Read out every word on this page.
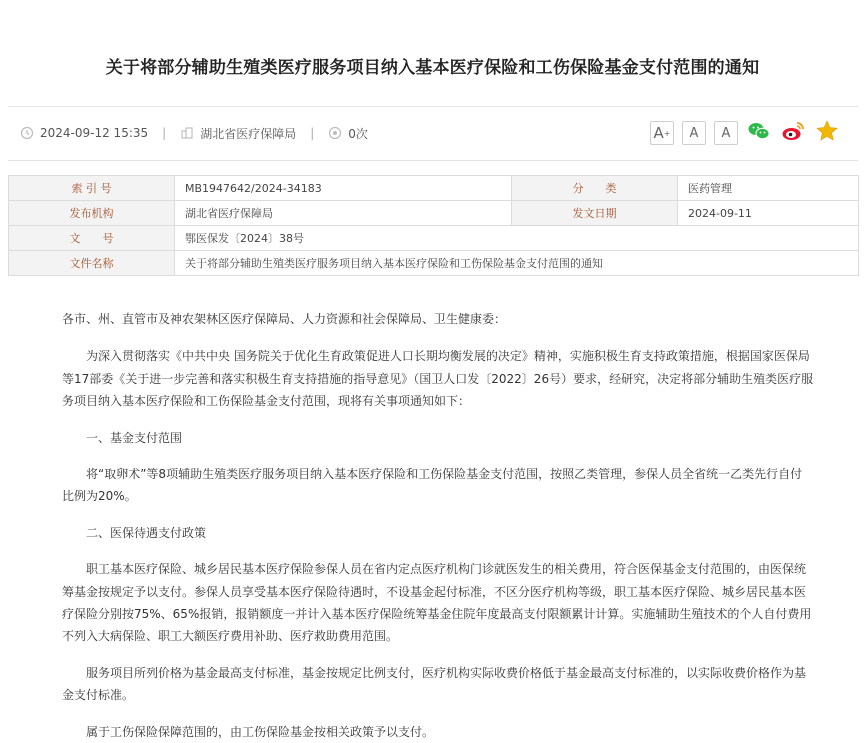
关于将部分辅助生殖类医疗服务项目纳入基本医疗保险和工伤保险基金支付范围的通知
2024-09-12 15:35 |	湖北省医疗保障局 |	0次	A + A A
索 引 号	MB1947642/2024-34183	分　　类	医药管理
发布机构	湖北省医疗保障局	发文日期	2024-09-11
文　　号	鄂医保发〔2024〕38号		
文件名称	关于将部分辅助生殖类医疗服务项目纳入基本医疗保险和工伤保险基金支付范围的通知		

各市、州、直管市及神农架林区医疗保障局、人力资源和社会保障局、卫生健康委：

为深入贯彻落实《中共中央 国务院关于优化生育政策促进人口长期均衡发展的决定》精神，实施积极生育支持政策措施，根据国家医保局等17部委《关于进一步完善和落实积极生育支持措施的指导意见》（国卫人口发〔2022〕26号）要求，经研究，决定将部分辅助生殖类医疗服务项目纳入基本医疗保险和工伤保险基金支付范围，现将有关事项通知如下：

一、基金支付范围

将“取卵术”等8项辅助生殖类医疗服务项目纳入基本医疗保险和工伤保险基金支付范围，按照乙类管理，参保人员全省统一乙类先行自付比例为20%。

二、医保待遇支付政策

职工基本医疗保险、城乡居民基本医疗保险参保人员在省内定点医疗机构门诊就医发生的相关费用，符合医保基金支付范围的，由医保统筹基金按规定予以支付。参保人员享受基本医疗保险待遇时，不设基金起付标准，不区分医疗机构等级，职工基本医疗保险、城乡居民基本医疗保险分别按75%、65%报销，报销额度一并计入基本医疗保险统筹基金住院年度最高支付限额累计计算。实施辅助生殖技术的个人自付费用不列入大病保险、职工大额医疗费用补助、医疗救助费用范围。

服务项目所列价格为基金最高支付标准，基金按规定比例支付，医疗机构实际收费价格低于基金最高支付标准的，以实际收费价格作为基金支付标准。

属于工伤保险保障范围的，由工伤保险基金按相关政策予以支付。
